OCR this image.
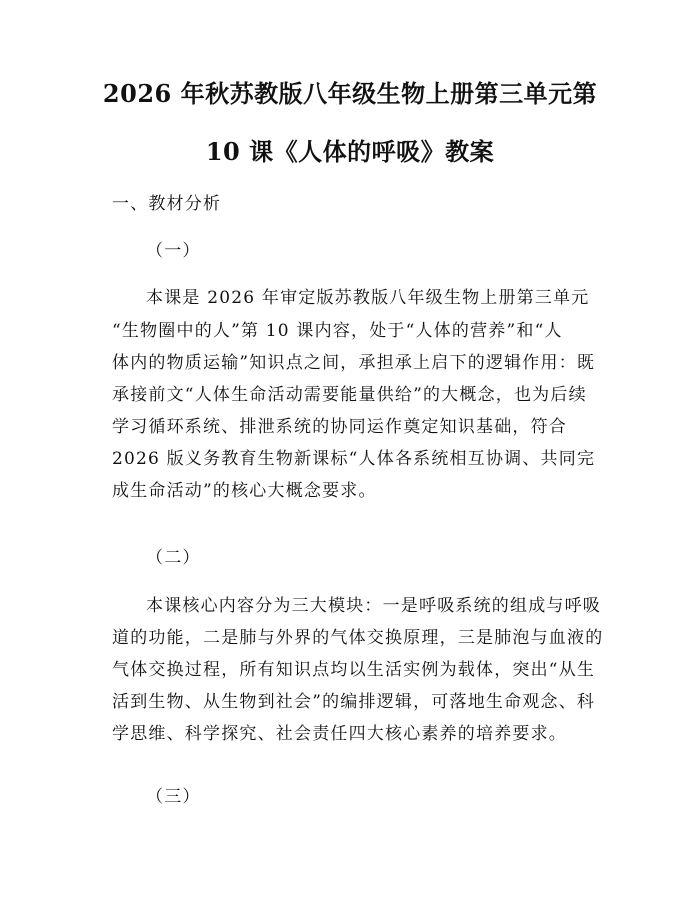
2026 年秋苏教版八年级生物上册第三单元第
10 课《人体的呼吸》教案
一、教材分析
（一）
本课是 2026 年审定版苏教版八年级生物上册第三单元
“生物圈中的人”第 10 课内容，处于“人体的营养”和“人
体内的物质运输”知识点之间，承担承上启下的逻辑作用：既
承接前文“人体生命活动需要能量供给”的大概念，也为后续
学习循环系统、排泄系统的协同运作奠定知识基础，符合
2026 版义务教育生物新课标“人体各系统相互协调、共同完
成生命活动”的核心大概念要求。
（二）
本课核心内容分为三大模块：一是呼吸系统的组成与呼吸
道的功能，二是肺与外界的气体交换原理，三是肺泡与血液的
气体交换过程，所有知识点均以生活实例为载体，突出“从生
活到生物、从生物到社会”的编排逻辑，可落地生命观念、科
学思维、科学探究、社会责任四大核心素养的培养要求。
（三）
